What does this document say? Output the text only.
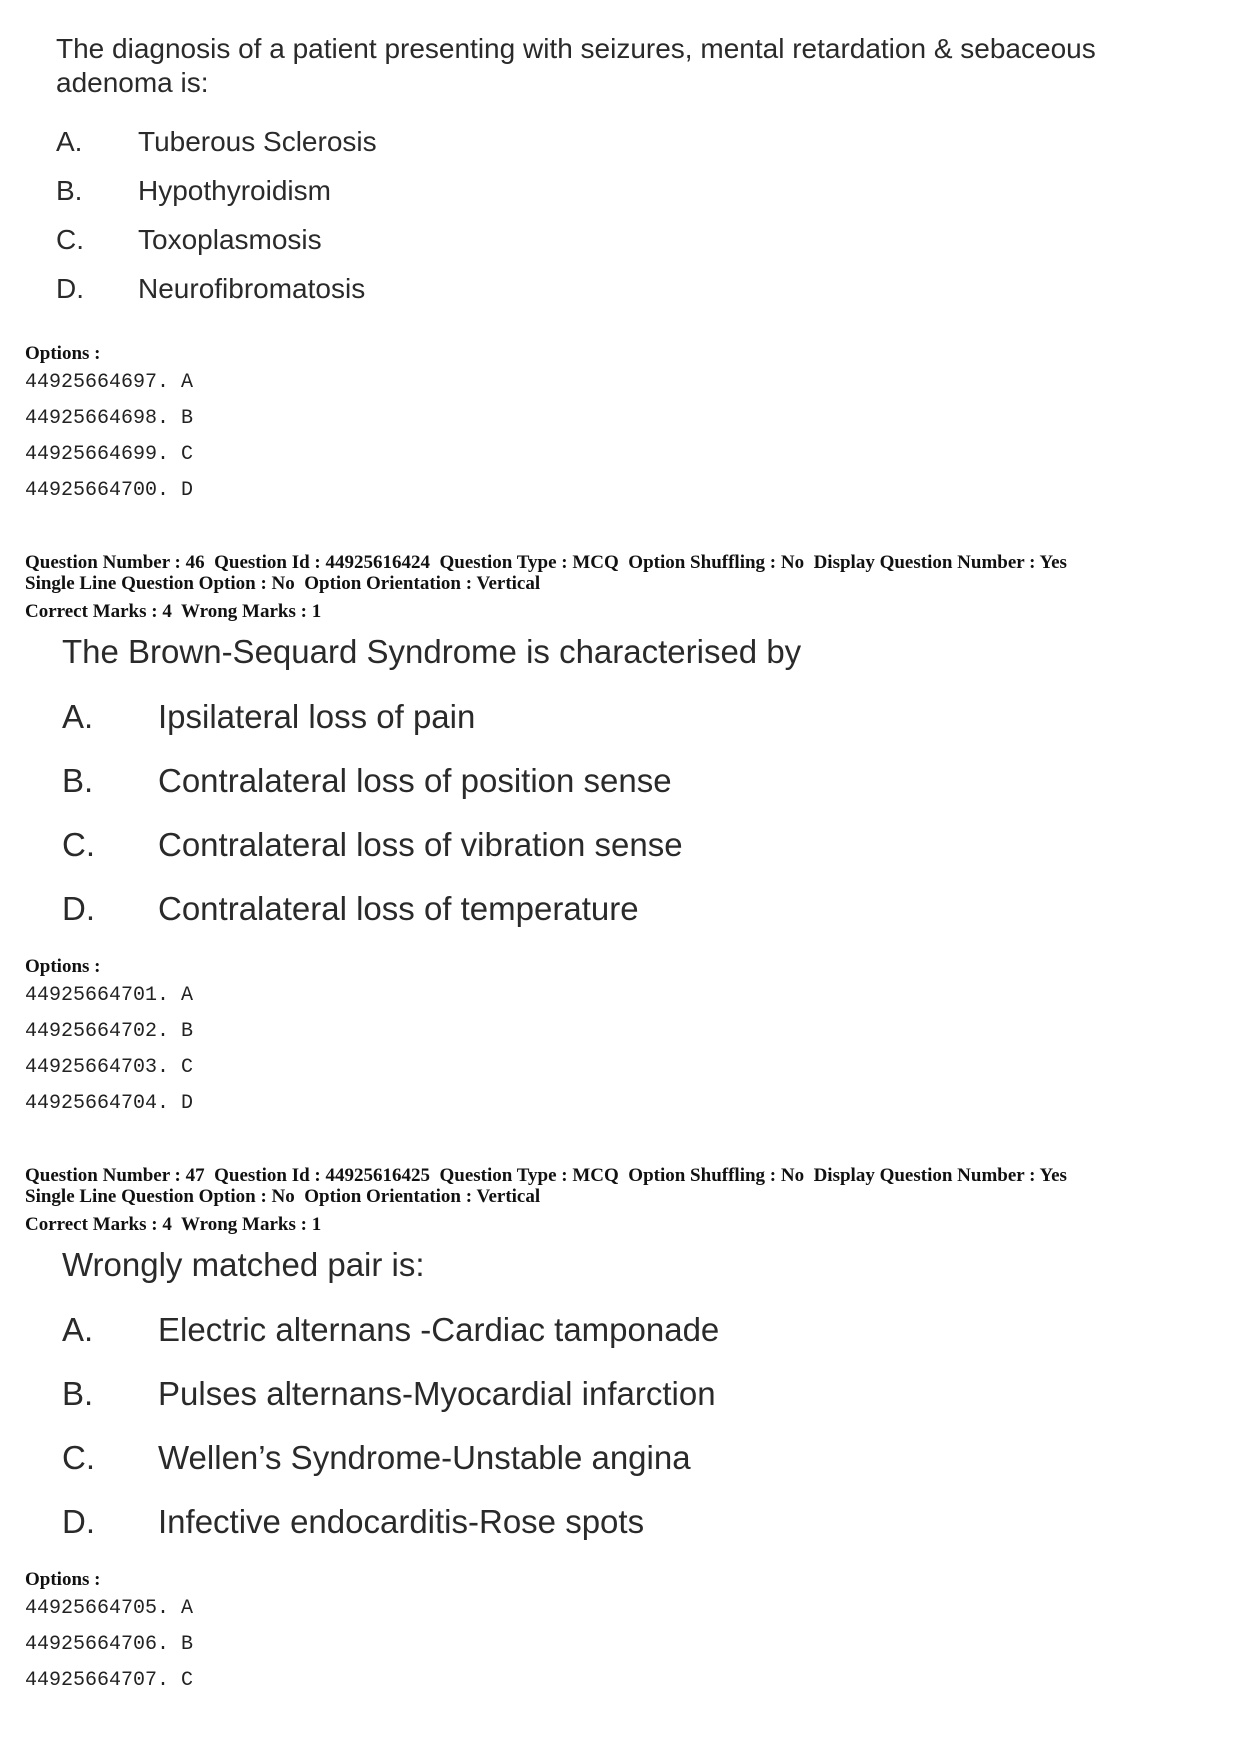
The diagnosis of a patient presenting with seizures, mental retardation & sebaceous adenoma is:
A.	Tuberous Sclerosis
B.	Hypothyroidism
C.	Toxoplasmosis
D.	Neurofibromatosis
Options :
44925664697. A
44925664698. B
44925664699. C
44925664700. D
Question Number : 46  Question Id : 44925616424  Question Type : MCQ  Option Shuffling : No  Display Question Number : Yes
Single Line Question Option : No  Option Orientation : Vertical
Correct Marks : 4  Wrong Marks : 1
The Brown-Sequard Syndrome is characterised by
A.	Ipsilateral loss of pain
B.	Contralateral loss of position sense
C.	Contralateral loss of vibration sense
D.	Contralateral loss of temperature
Options :
44925664701. A
44925664702. B
44925664703. C
44925664704. D
Question Number : 47  Question Id : 44925616425  Question Type : MCQ  Option Shuffling : No  Display Question Number : Yes
Single Line Question Option : No  Option Orientation : Vertical
Correct Marks : 4  Wrong Marks : 1
Wrongly matched pair is:
A.	Electric alternans -Cardiac tamponade
B.	Pulses alternans-Myocardial infarction
C.	Wellen’s Syndrome-Unstable angina
D.	Infective endocarditis-Rose spots
Options :
44925664705. A
44925664706. B
44925664707. C
